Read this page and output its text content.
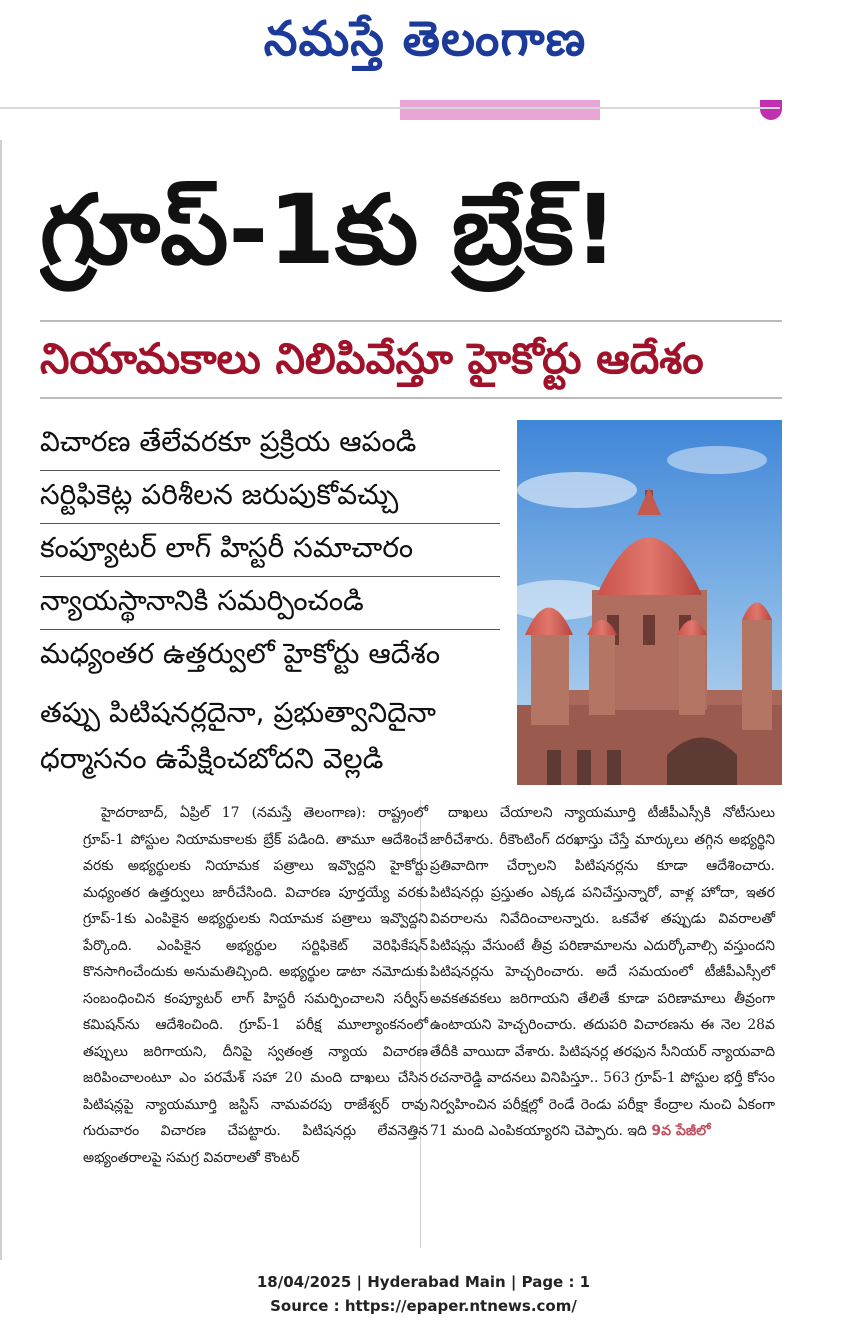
నమస్తే తెలంగాణ
గ్రూప్-1కు బ్రేక్!
నియామకాలు నిలిపివేస్తూ హైకోర్టు ఆదేశం
విచారణ తేలేవరకూ ప్రక్రియ ఆపండి
సర్టిఫికెట్ల పరిశీలన జరుపుకోవచ్చు
కంప్యూటర్ లాగ్ హిస్టరీ సమాచారం
న్యాయస్థానానికి సమర్పించండి
మధ్యంతర ఉత్తర్వులో హైకోర్టు ఆదేశం
తప్పు పిటిషనర్లదైనా, ప్రభుత్వానిదైనా
ధర్మాసనం ఉపేక్షించబోదని వెల్లడి
హైదరాబాద్, ఏప్రిల్ 17 (నమస్తే తెలంగాణ): రాష్ట్రంలో గ్రూప్-1 పోస్టుల నియామకాలకు బ్రేక్ పడింది. తామూ ఆదేశించే వరకు అభ్యర్థులకు నియామక పత్రాలు ఇవ్వొద్దని హైకోర్టు మధ్యంతర ఉత్తర్వులు జారీచేసింది. విచారణ పూర్తయ్యే వరకు గ్రూప్-1కు ఎంపికైన అభ్యర్థులకు నియామక పత్రాలు ఇవ్వొద్దని పేర్కొంది. ఎంపికైన అభ్యర్థుల సర్టిఫికెట్ వెరిఫికేషన్ కొనసాగించేందుకు అనుమతిచ్చింది. అభ్యర్థుల డాటా నమోదుకు సంబంధించిన కంప్యూటర్ లాగ్ హిస్టరీ సమర్పించాలని సర్వీస్ కమిషన్‌ను ఆదేశించింది. గ్రూప్-1 పరీక్ష మూల్యాంకనంలో తప్పులు జరిగాయని, దీనిపై స్వతంత్ర న్యాయ విచారణ జరిపించాలంటూ ఎం పరమేశ్ సహా 20 మంది దాఖలు చేసిన పిటిషన్లపై న్యాయమూర్తి జస్టిస్ నామవరపు రాజేశ్వర్ రావు గురువారం విచారణ చేపట్టారు. పిటిషనర్లు లేవనెత్తిన అభ్యంతరాలపై సమగ్ర వివరాలతో కౌంటర్
దాఖలు చేయాలని న్యాయమూర్తి టీజీపీఎస్సీకి నోటీసులు జారీచేశారు. రీకౌంటింగ్ దరఖాస్తు చేస్తే మార్కులు తగ్గిన అభ్యర్థిని ప్రతివాదిగా చేర్చాలని పిటిషనర్లను కూడా ఆదేశించారు. పిటిషనర్లు ప్రస్తుతం ఎక్కడ పనిచేస్తున్నారో, వాళ్ల హోదా, ఇతర వివరాలను నివేదించాలన్నారు. ఒకవేళ తప్పుడు వివరాలతో పిటిషన్లు వేసుంటే తీవ్ర పరిణామాలను ఎదుర్కోవాల్సి వస్తుందని పిటిషనర్లను హెచ్చరించారు. అదే సమయంలో టీజీపీఎస్సీలో అవకతవకలు జరిగాయని తేలితే కూడా పరిణామాలు తీవ్రంగా ఉంటాయని హెచ్చరించారు. తదుపరి విచారణను ఈ నెల 28వ తేదీకి వాయిదా వేశారు. పిటిషనర్ల తరఫున సీనియర్ న్యాయవాది రచనారెడ్డి వాదనలు వినిపిస్తూ.. 563 గ్రూప్-1 పోస్టుల భర్తీ కోసం నిర్వహించిన పరీక్షల్లో రెండే రెండు పరీక్షా కేంద్రాల నుంచి ఏకంగా 71 మంది ఎంపికయ్యారని చెప్పారు. ఇది 9వ పేజీలో
18/04/2025 | Hyderabad Main | Page : 1
Source : https://epaper.ntnews.com/
